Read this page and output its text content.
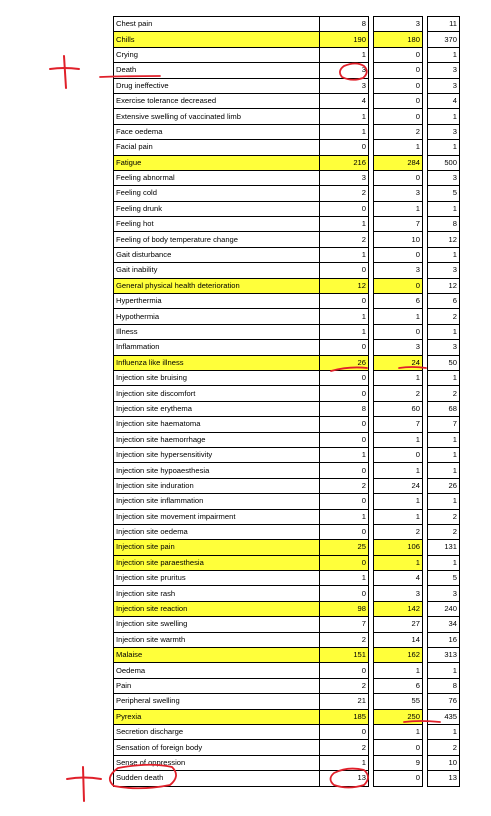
Chest pain	8		3		11
Chills	190		180		370
Crying	1		0		1
Death	3		0		3
Drug ineffective	3		0		3
Exercise tolerance decreased	4		0		4
Extensive swelling of vaccinated limb	1		0		1
Face oedema	1		2		3
Facial pain	0		1		1
Fatigue	216		284		500
Feeling abnormal	3		0		3
Feeling cold	2		3		5
Feeling drunk	0		1		1
Feeling hot	1		7		8
Feeling of body temperature change	2		10		12
Gait disturbance	1		0		1
Gait inability	0		3		3
General physical health deterioration	12		0		12
Hyperthermia	0		6		6
Hypothermia	1		1		2
Illness	1		0		1
Inflammation	0		3		3
Influenza like illness	26		24		50
Injection site bruising	0		1		1
Injection site discomfort	0		2		2
Injection site erythema	8		60		68
Injection site haematoma	0		7		7
Injection site haemorrhage	0		1		1
Injection site hypersensitivity	1		0		1
Injection site hypoaesthesia	0		1		1
Injection site induration	2		24		26
Injection site inflammation	0		1		1
Injection site movement impairment	1		1		2
Injection site oedema	0		2		2
Injection site pain	25		106		131
Injection site paraesthesia	0		1		1
Injection site pruritus	1		4		5
Injection site rash	0		3		3
Injection site reaction	98		142		240
Injection site swelling	7		27		34
Injection site warmth	2		14		16
Malaise	151		162		313
Oedema	0		1		1
Pain	2		6		8
Peripheral swelling	21		55		76
Pyrexia	185		250		435
Secretion discharge	0		1		1
Sensation of foreign body	2		0		2
Sense of oppression	1		9		10
Sudden death	13		0		13
